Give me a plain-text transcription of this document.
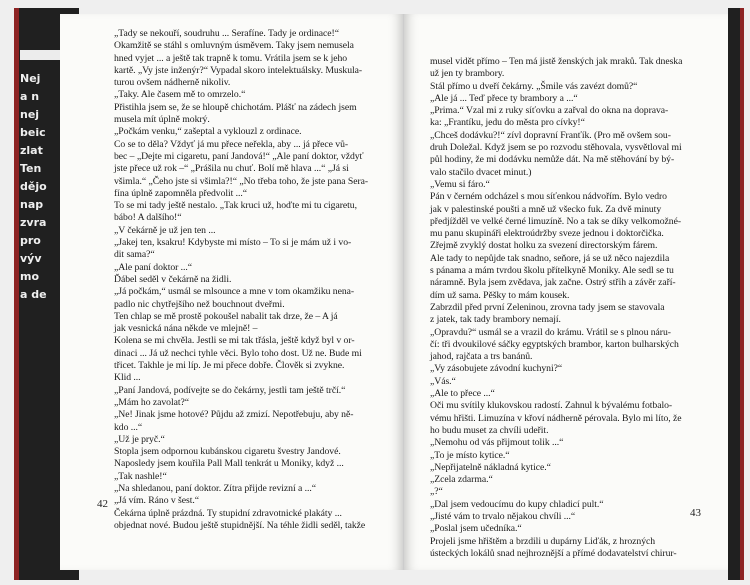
Nej
a n
nej
beic
zlat
Ten
dějo
nap
zvra
pro
výv
mo
a de
„Tady se nekouří, soudruhu ... Serafíne. Tady je ordinace!“
Okamžitě se stáhl s omluvným úsměvem. Taky jsem nemusela
hned vyjet ... a ještě tak trapně k tomu. Vrátila jsem se k jeho
kartě. „Vy jste inženýr?“ Vypadal skoro intelektuálsky. Muskula-
turou ovšem nádherně nikoliv.
„Taky. Ale časem mě to omrzelo.“
Přistihla jsem se, že se hloupě chichotám. Plášť na zádech jsem
musela mít úplně mokrý.
„Počkám venku,“ zašeptal a vyklouzl z ordinace.
Co se to děla? Vždyť já mu přece neřekla, aby ... já přece vů-
bec – „Dejte mi cigaretu, paní Jandová!“ „Ale paní doktor, vždyť
jste přece už rok –“ „Prášila nu chuť. Bolí mě hlava ...“ „Já si
všimla.“ „Čeho jste si všimla?!“ „No třeba toho, že jste pana Sera-
fína úplně zapomněla předvolit ...“
To se mi tady ještě nestalo. „Tak kruci už, hoďte mi tu cigaretu,
bábo! A dalšího!“
„V čekárně je už jen ten ...
„Jakej ten, ksakru! Kdybyste mi místo – To si je mám už i vo-
dit sama?“
„Ale paní doktor ...“
Ďábel seděl v čekárně na židli.
„Já počkám,“ usmál se mlsounce a mne v tom okamžiku nena-
padlo nic chytřejšího než bouchnout dveřmi.
Ten chlap se mě prostě pokoušel nabalit tak drze, že – A já
jak vesnická nána někde ve mlejně! –
Kolena se mi chvěla. Jestli se mi tak třásla, ještě když byl v or-
dinaci ... Já už nechci tyhle věci. Bylo toho dost. Už ne. Bude mi
třicet. Takhle je mi líp. Je mi přece dobře. Člověk si zvykne.
Klid ...
„Paní Jandová, podívejte se do čekárny, jestli tam ještě trčí.“
„Mám ho zavolat?“
„Ne! Jinak jsme hotové? Půjdu až zmizí. Nepotřebuju, aby ně-
kdo ...“
„Už je pryč.“
Stopla jsem odpornou kubánskou cigaretu švestry Jandové.
Naposledy jsem kouřila Pall Mall tenkrát u Moniky, když ...
„Tak nashle!“
„Na shledanou, paní doktor. Zítra přijde revizní a ...“
„Já vím. Ráno v šest.“
Čekárna úplně prázdná. Ty stupidní zdravotnické plakáty ...
objednat nové. Budou ještě stupidnější. Na téhle židli seděl, takže
42
musel vidět přímo – Ten má jistě ženských jak mraků. Tak dneska
už jen ty brambory.
Stál přímo u dveří čekárny. „Šmile vás zavézt domů?“
„Ale já ... Teď přece ty brambory a ...“
„Prima.“ Vzal mi z ruky síťovku a zařval do okna na doprava-
ka: „Frantíku, jedu do města pro cívky!“
„Chceš dodávku?!“ zívl dopravní Franťík. (Pro mě ovšem sou-
druh Doležal. Když jsem se po rozvodu stěhovala, vysvětloval mi
půl hodiny, že mi dodávku nemůže dát. Na mě stěhování by bý-
valo stačilo dvacet minut.)
„Vemu si fáro.“
Pán v černém odcházel s mou síťenkou nádvořím. Bylo vedro
jak v palestinské poušti a mně už všecko fuk. Za dvě minuty
předjížděl ve velké černé limuzíně. No a tak se díky velkomožné-
mu panu skupináři elektroúdržby sveze jednou i doktorčička.
Zřejmě zvyklý dostat holku za svezení directorským fárem.
Ale tady to nepůjde tak snadno, seňore, já se už něco najezdila
s pánama a mám tvrdou školu přítelkyně Moniky. Ale sedl se tu
náramně. Byla jsem zvědava, jak začne. Ostrý střih a závěr zaří-
dím už sama. Pěšky to mám kousek.
Zabrzdil před první Zeleninou, zrovna tady jsem se stavovala
z jatek, tak tady brambory nemají.
„Opravdu?“ usmál se a vrazil do krámu. Vrátil se s plnou náru-
čí: tři dvoukilové sáčky egyptských brambor, karton bulharských
jahod, rajčata a trs banánů.
„Vy zásobujete závodní kuchyni?“
„Vás.“
„Ale to přece ...“
Oči mu svítily klukovskou radostí. Zahnul k bývalému fotbalo-
vému hřišti. Limuzína v křoví nádherně pérovala. Bylo mi líto, že
ho budu muset za chvíli udeřit.
„Nemohu od vás přijmout tolik ...“
„To je místo kytice.“
„Nepřijatelně nákladná kytice.“
„Zcela zdarma.“
„?“
„Dal jsem vedoucímu do kupy chladicí pult.“
„Jisté vám to trvalo nějakou chvíli ...“
„Poslal jsem učedníka.“
Projeli jsme hřištěm a brzdili u dupárny Liďák, z hrozných
ústeckých lokálů snad nejhroznější a přímé dodavatelství chirur-
43
